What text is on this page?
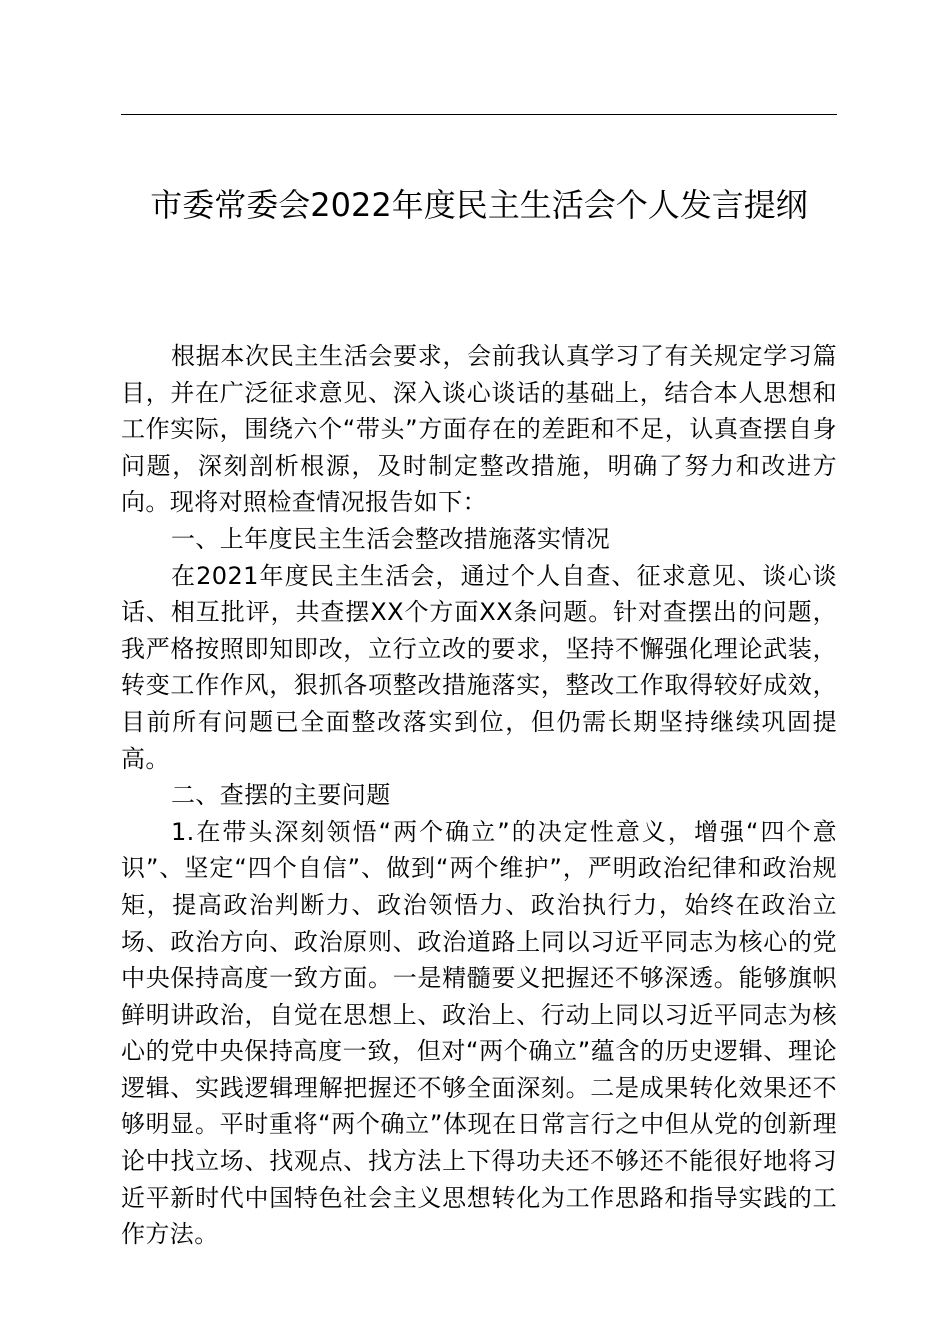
市委常委会2022年度民主生活会个人发言提纲

根据本次民主生活会要求，会前我认真学习了有关规定学习篇目，并在广泛征求意见、深入谈心谈话的基础上，结合本人思想和工作实际，围绕六个“带头”方面存在的差距和不足，认真查摆自身问题，深刻剖析根源，及时制定整改措施，明确了努力和改进方向。现将对照检查情况报告如下：

一、上年度民主生活会整改措施落实情况

在2021年度民主生活会，通过个人自查、征求意见、谈心谈话、相互批评，共查摆XX个方面XX条问题。针对查摆出的问题，我严格按照即知即改，立行立改的要求，坚持不懈强化理论武装，转变工作作风，狠抓各项整改措施落实，整改工作取得较好成效，目前所有问题已全面整改落实到位，但仍需长期坚持继续巩固提高。

二、查摆的主要问题

1.在带头深刻领悟“两个确立”的决定性意义，增强“四个意识”、坚定“四个自信”、做到“两个维护”，严明政治纪律和政治规矩，提高政治判断力、政治领悟力、政治执行力，始终在政治立场、政治方向、政治原则、政治道路上同以习近平同志为核心的党中央保持高度一致方面。一是精髓要义把握还不够深透。能够旗帜鲜明讲政治，自觉在思想上、政治上、行动上同以习近平同志为核心的党中央保持高度一致，但对“两个确立”蕴含的历史逻辑、理论逻辑、实践逻辑理解把握还不够全面深刻。二是成果转化效果还不够明显。平时重将“两个确立”体现在日常言行之中但从党的创新理论中找立场、找观点、找方法上下得功夫还不够还不能很好地将习近平新时代中国特色社会主义思想转化为工作思路和指导实践的工作方法。
